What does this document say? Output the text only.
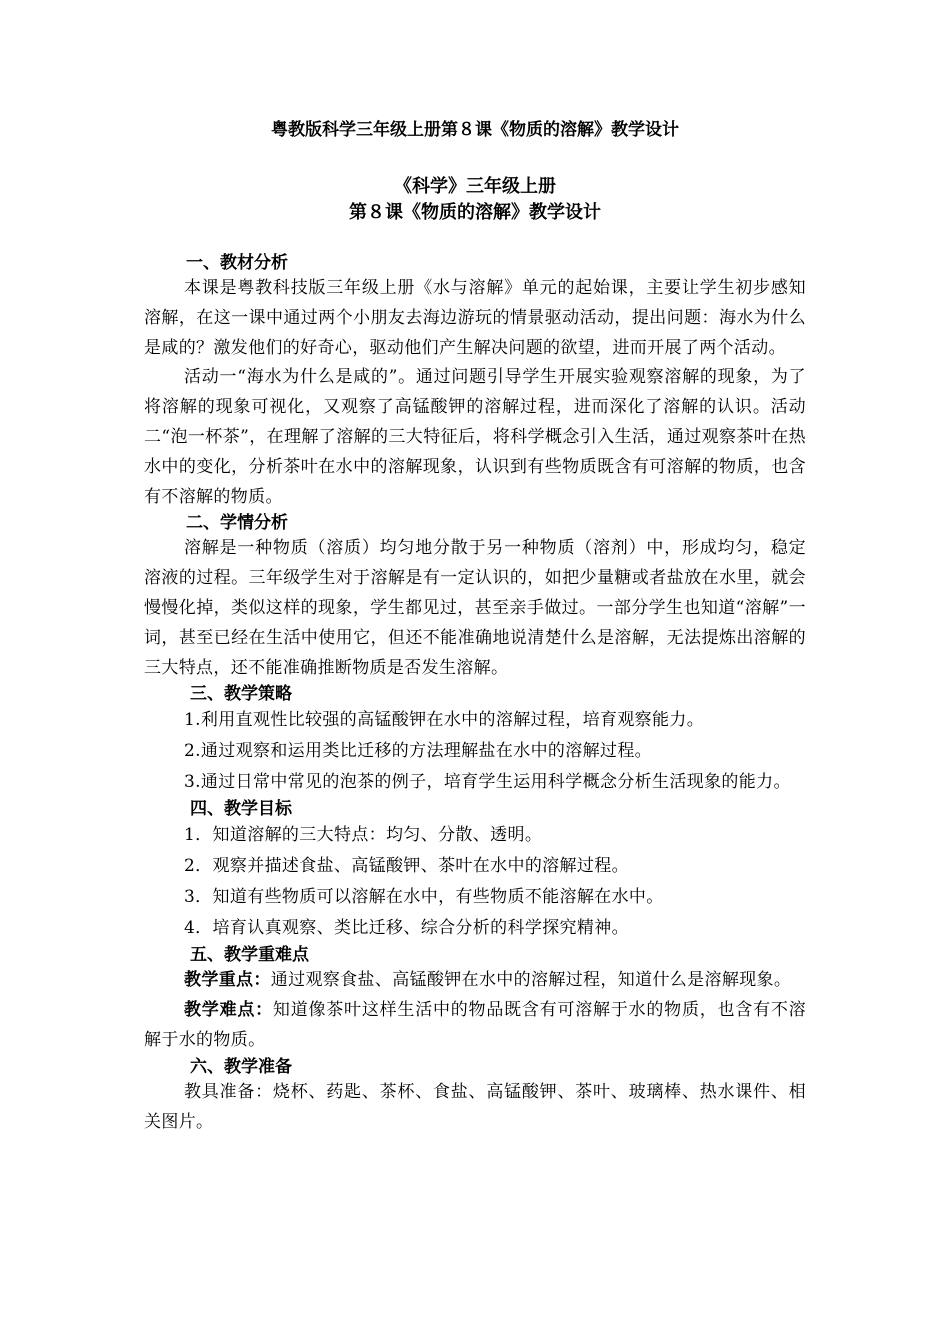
粤教版科学三年级上册第８课《物质的溶解》教学设计
《科学》三年级上册
第８课《物质的溶解》教学设计
一、教材分析

本课是粤教科技版三年级上册《水与溶解》单元的起始课，主要让学生初步感知溶解，在这一课中通过两个小朋友去海边游玩的情景驱动活动，提出问题：海水为什么是咸的？激发他们的好奇心，驱动他们产生解决问题的欲望，进而开展了两个活动。

活动一“海水为什么是咸的”。通过问题引导学生开展实验观察溶解的现象，为了将溶解的现象可视化，又观察了高锰酸钾的溶解过程，进而深化了溶解的认识。活动二“泡一杯茶”，在理解了溶解的三大特征后，将科学概念引入生活，通过观察茶叶在热水中的变化，分析茶叶在水中的溶解现象，认识到有些物质既含有可溶解的物质，也含有不溶解的物质。

二、学情分析

溶解是一种物质（溶质）均匀地分散于另一种物质（溶剂）中，形成均匀，稳定溶液的过程。三年级学生对于溶解是有一定认识的，如把少量糖或者盐放在水里，就会慢慢化掉，类似这样的现象，学生都见过，甚至亲手做过。一部分学生也知道“溶解”一词，甚至已经在生活中使用它，但还不能准确地说清楚什么是溶解，无法提炼出溶解的三大特点，还不能准确推断物质是否发生溶解。

三、教学策略

1.利用直观性比较强的高锰酸钾在水中的溶解过程，培育观察能力。

2.通过观察和运用类比迁移的方法理解盐在水中的溶解过程。

3.通过日常中常见的泡茶的例子，培育学生运用科学概念分析生活现象的能力。

四、教学目标

1．知道溶解的三大特点：均匀、分散、透明。

2．观察并描述食盐、高锰酸钾、茶叶在水中的溶解过程。

3．知道有些物质可以溶解在水中，有些物质不能溶解在水中。

4．培育认真观察、类比迁移、综合分析的科学探究精神。

五、教学重难点

教学重点：通过观察食盐、高锰酸钾在水中的溶解过程，知道什么是溶解现象。

教学难点：知道像茶叶这样生活中的物品既含有可溶解于水的物质，也含有不溶解于水的物质。

六、教学准备

教具准备：烧杯、药匙、茶杯、食盐、高锰酸钾、茶叶、玻璃棒、热水课件、相关图片。
